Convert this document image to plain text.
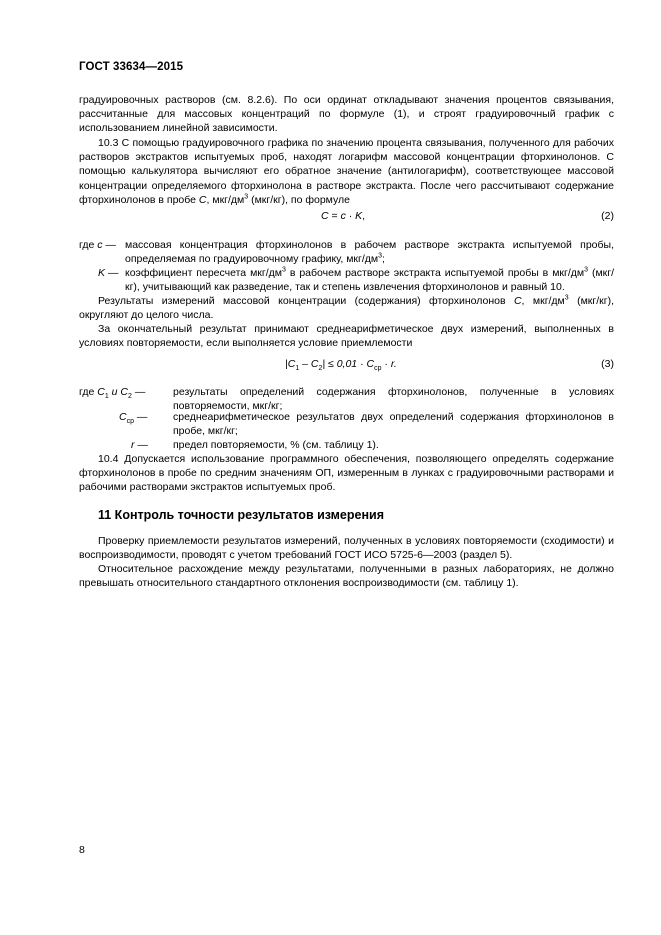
ГОСТ 33634—2015
градуировочных растворов (см. 8.2.6). По оси ординат откладывают значения процентов связывания, рассчитанные для массовых концентраций по формуле (1), и строят градуировочный график с использованием линейной зависимости.
10.3 С помощью градуировочного графика по значению процента связывания, полученного для рабочих растворов экстрактов испытуемых проб, находят логарифм массовой концентрации фторхинолонов. С помощью калькулятора вычисляют его обратное значение (антилогарифм), соответствующее массовой концентрации определяемого фторхинолона в растворе экстракта. После чего рассчитывают содержание фторхинолонов в пробе C, мкг/$дм^3$ (мкг/кг), по формуле
C = c · K,	(2)
где c — массовая концентрация фторхинолонов в рабочем растворе экстракта испытуемой пробы, определяемая по градуировочному графику, мкг/$дм^3$;
K — коэффициент пересчета мкг/$дм^3$ в рабочем растворе экстракта испытуемой пробы в мкг/$дм^3$ (мкг/кг), учитывающий как разведение, так и степень извлечения фторхинолонов и равный 10.
Результаты измерений массовой концентрации (содержания) фторхинолонов C, мкг/$дм^3$ (мкг/кг), округляют до целого числа.
За окончательный результат принимают среднеарифметическое двух измерений, выполненных в условиях повторяемости, если выполняется условие приемлемости
$|C_1 - C_2| \le 0,01 \cdot C_{ср} \cdot r$.	(3)
где $C_1$ и $C_2$ —	результаты определений содержания фторхинолонов, полученные в условиях повторяемости, мкг/кг;
$C_{ср}$ — среднеарифметическое результатов двух определений содержания фторхинолонов в пробе, мкг/кг;
r — предел повторяемости, % (см. таблицу 1).
10.4 Допускается использование программного обеспечения, позволяющего определять содержание фторхинолонов в пробе по средним значениям ОП, измеренным в лунках с градуировочными растворами и рабочими растворами экстрактов испытуемых проб.
11 Контроль точности результатов измерения
Проверку приемлемости результатов измерений, полученных в условиях повторяемости (сходимости) и воспроизводимости, проводят с учетом требований ГОСТ ИСО 5725-6—2003 (раздел 5).
Относительное расхождение между результатами, полученными в разных лабораториях, не должно превышать относительного стандартного отклонения воспроизводимости (см. таблицу 1).
8
